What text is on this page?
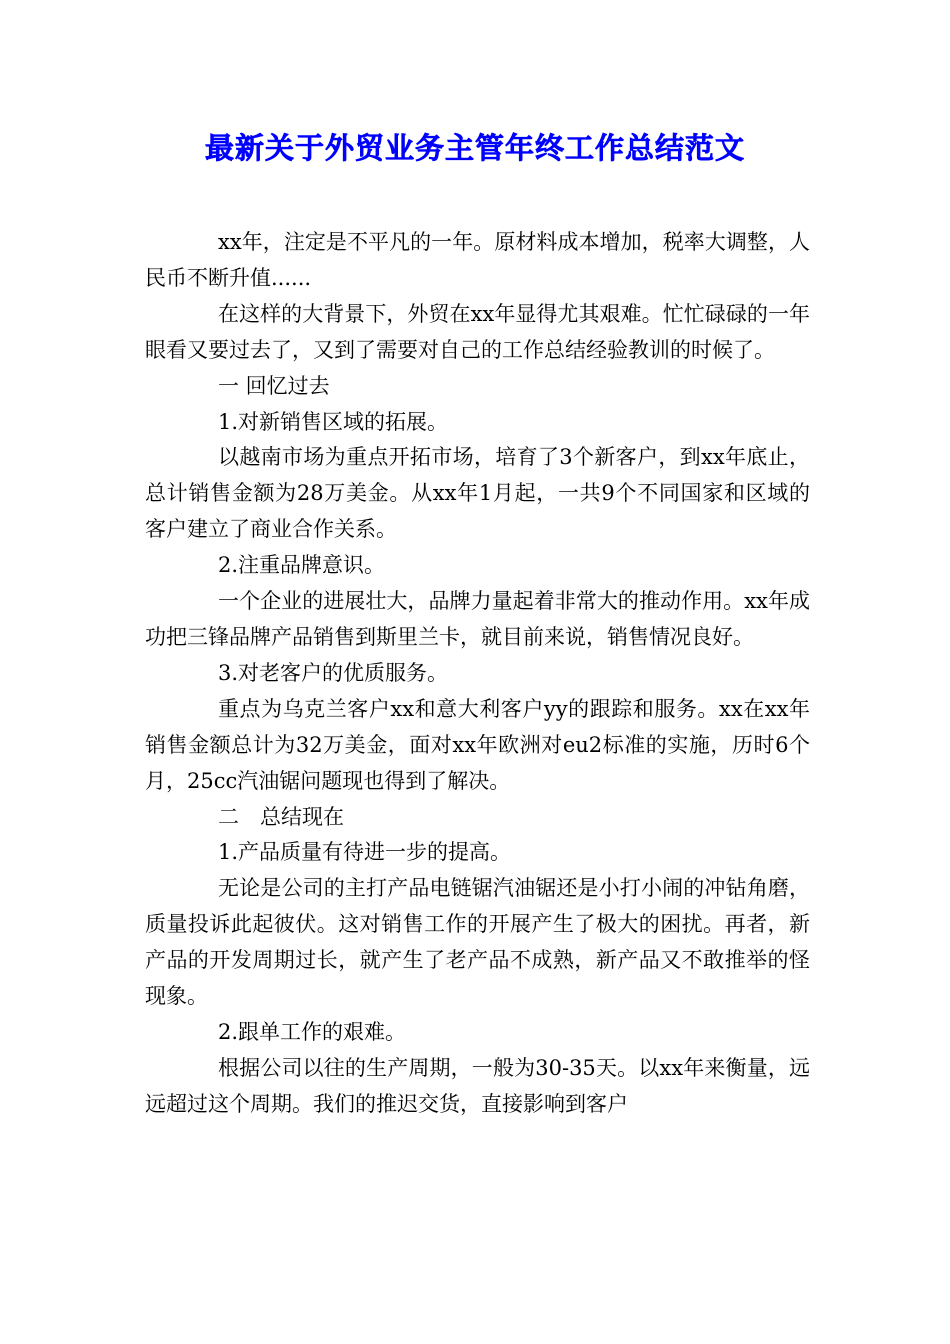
最新关于外贸业务主管年终工作总结范文

xx年，注定是不平凡的一年。原材料成本增加，税率大调整，人民币不断升值......

在这样的大背景下，外贸在xx年显得尤其艰难。忙忙碌碌的一年眼看又要过去了，又到了需要对自己的工作总结经验教训的时候了。

一 回忆过去

1.对新销售区域的拓展。

以越南市场为重点开拓市场，培育了3个新客户，到xx年底止，总计销售金额为28万美金。从xx年1月起，一共9个不同国家和区域的客户建立了商业合作关系。

2.注重品牌意识。

一个企业的进展壮大，品牌力量起着非常大的推动作用。xx年成功把三锋品牌产品销售到斯里兰卡，就目前来说，销售情况良好。

3.对老客户的优质服务。

重点为乌克兰客户xx和意大利客户yy的跟踪和服务。xx在xx年销售金额总计为32万美金，面对xx年欧洲对eu2标准的实施，历时6个月，25cc汽油锯问题现也得到了解决。

二　总结现在

1.产品质量有待进一步的提高。

无论是公司的主打产品电链锯汽油锯还是小打小闹的冲钻角磨，质量投诉此起彼伏。这对销售工作的开展产生了极大的困扰。再者，新产品的开发周期过长，就产生了老产品不成熟，新产品又不敢推举的怪现象。

2.跟单工作的艰难。

根据公司以往的生产周期，一般为30-35天。以xx年来衡量，远远超过这个周期。我们的推迟交货，直接影响到客户
